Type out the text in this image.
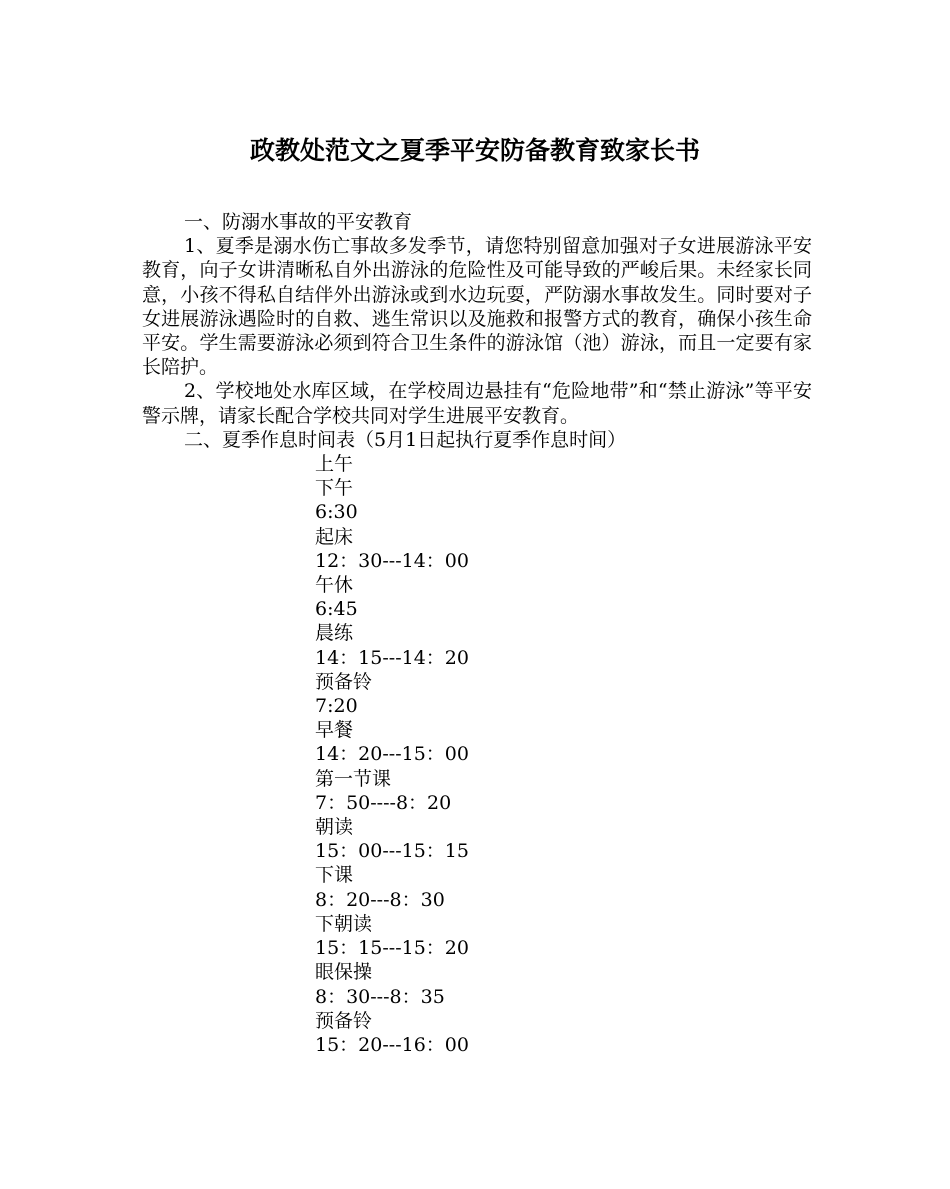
政教处范文之夏季平安防备教育致家长书

一、防溺水事故的平安教育

1、夏季是溺水伤亡事故多发季节，请您特别留意加强对子女进展游泳平安教育，向子女讲清晰私自外出游泳的危险性及可能导致的严峻后果。未经家长同意，小孩不得私自结伴外出游泳或到水边玩耍，严防溺水事故发生。同时要对子女进展游泳遇险时的自救、逃生常识以及施救和报警方式的教育，确保小孩生命平安。学生需要游泳必须到符合卫生条件的游泳馆（池）游泳，而且一定要有家长陪护。

2、学校地处水库区域，在学校周边悬挂有“危险地带”和“禁止游泳”等平安警示牌，请家长配合学校共同对学生进展平安教育。

二、夏季作息时间表（5月1日起执行夏季作息时间）

上午
下午
6:30
起床
12：30---14：00
午休
6:45
晨练
14：15---14：20
预备铃
7:20
早餐
14：20---15：00
第一节课
7：50----8：20
朝读
15：00---15：15
下课
8：20---8：30
下朝读
15：15---15：20
眼保操
8：30---8：35
预备铃
15：20---16：00
